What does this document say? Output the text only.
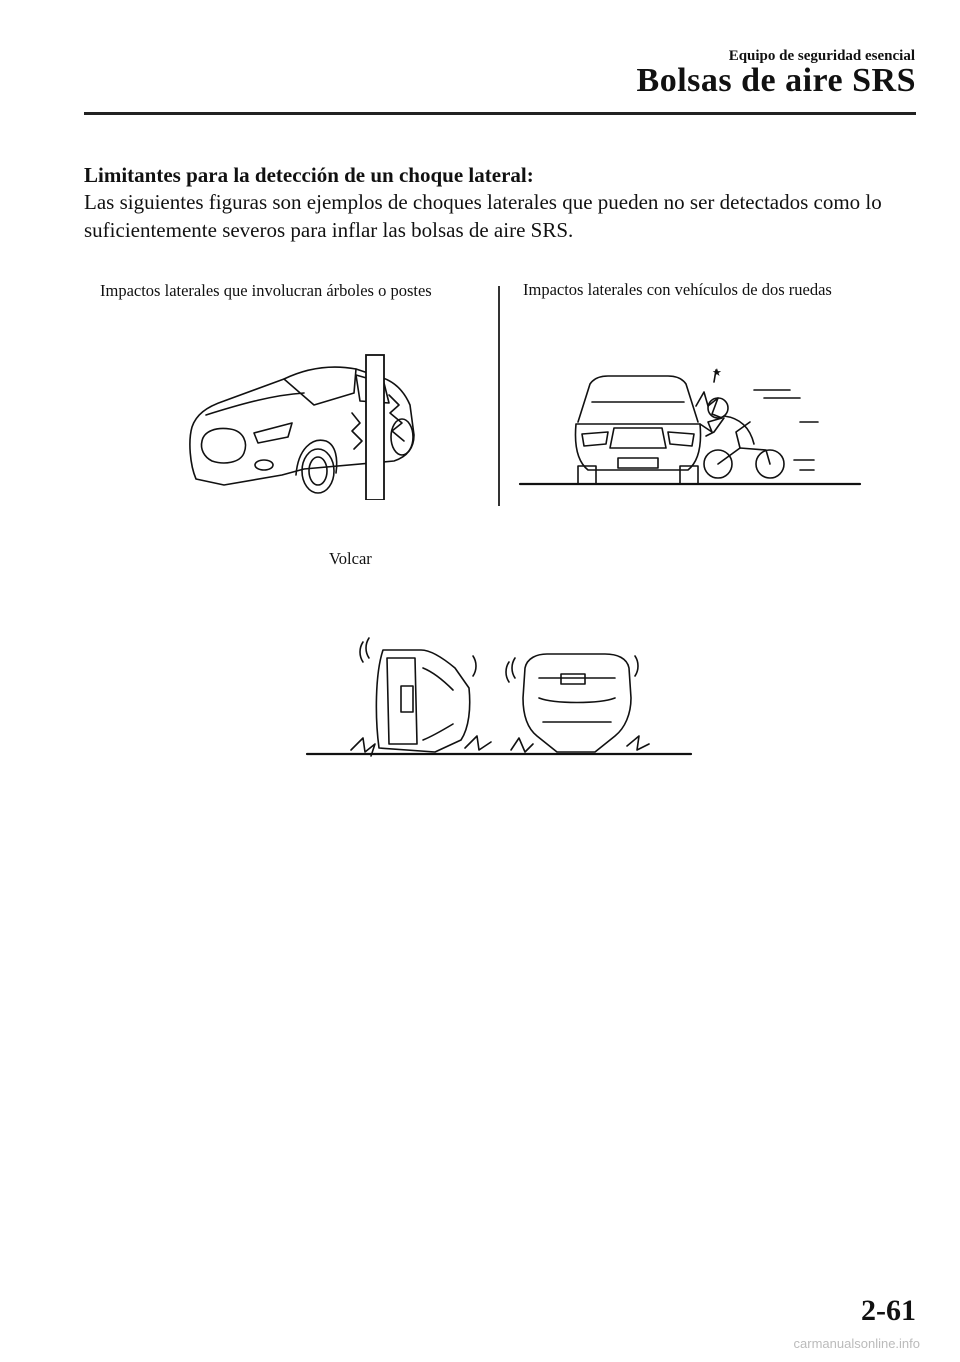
Equipo de seguridad esencial
Bolsas de aire SRS
Limitantes para la detección de un choque lateral:
Las siguientes figuras son ejemplos de choques laterales que pueden no ser detectados como lo suficientemente severos para inflar las bolsas de aire SRS.
Impactos laterales que involucran árboles o postes	Impactos laterales con vehículos de dos ruedas
★
Volcar
2-61
carmanualsonline.info
